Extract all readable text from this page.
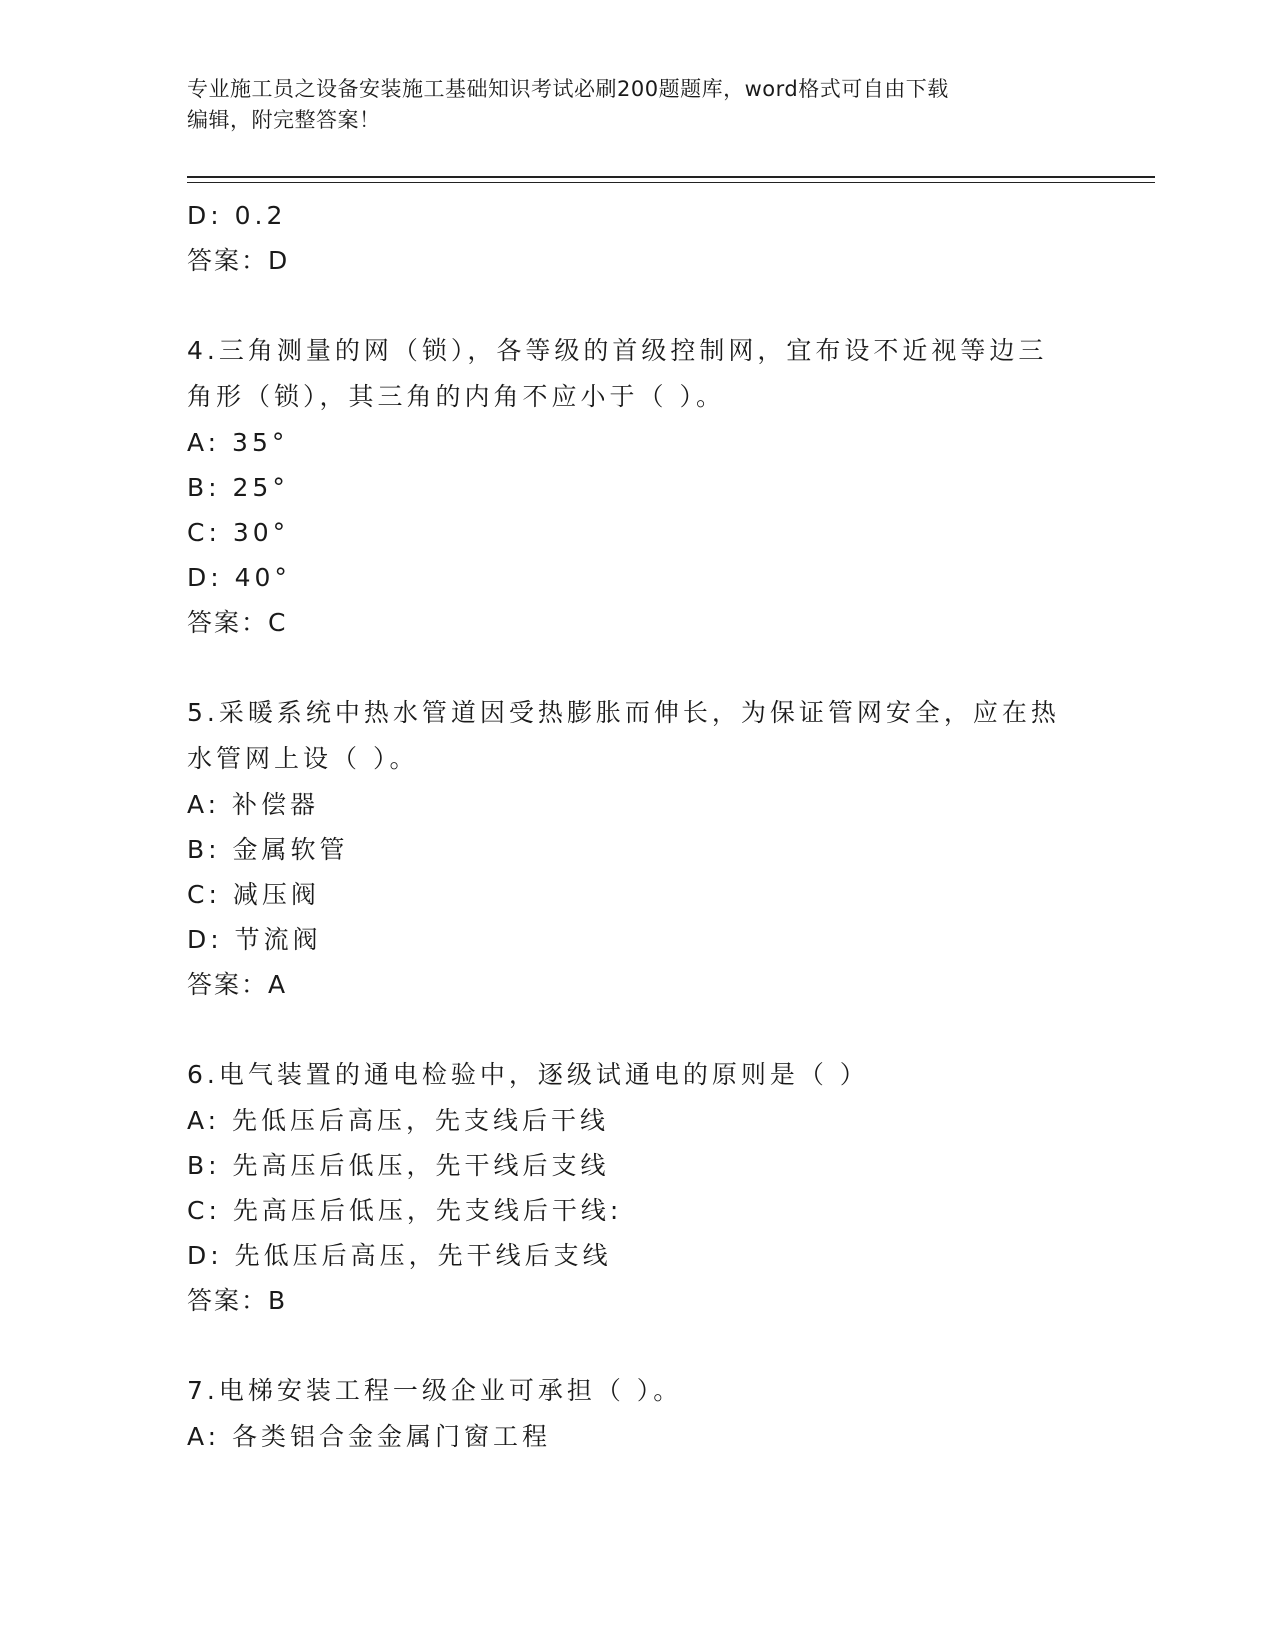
专业施工员之设备安装施工基础知识考试必刷200题题库，word格式可自由下载
编辑，附完整答案！
D: 0.2
答案：D
4.三角测量的网（锁），各等级的首级控制网，宜布设不近视等边三
角形（锁），其三角的内角不应小于（ ）。
A: 35°
B: 25°
C: 30°
D: 40°
答案：C
5.采暖系统中热水管道因受热膨胀而伸长，为保证管网安全，应在热
水管网上设（ ）。
A: 补偿器
B: 金属软管
C: 减压阀
D: 节流阀
答案：A
6.电气装置的通电检验中，逐级试通电的原则是（ ）
A: 先低压后高压，先支线后干线
B: 先高压后低压，先干线后支线
C: 先高压后低压，先支线后干线:
D: 先低压后高压，先干线后支线
答案：B
7.电梯安装工程一级企业可承担（ ）。
A: 各类铝合金金属门窗工程
